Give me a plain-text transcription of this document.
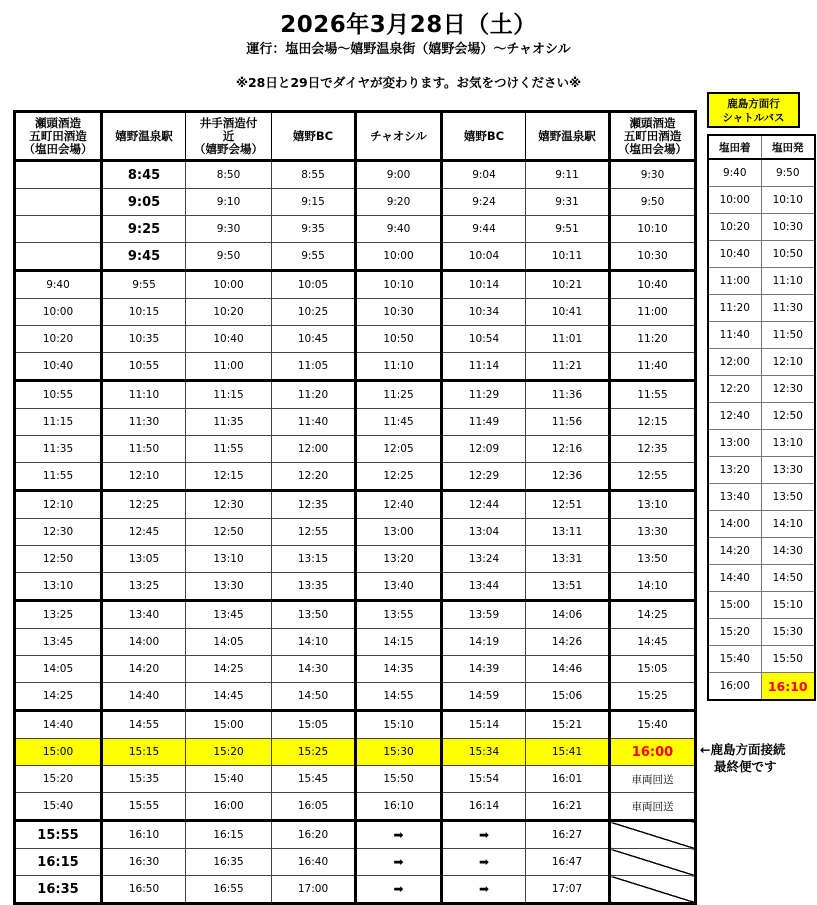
2026年3月28日（土）
運行：塩田会場～嬉野温泉街（嬉野会場）～チャオシル
※28日と29日でダイヤが変わります。お気をつけください※
瀬頭酒造
五町田酒造
（塩田会場）	嬉野温泉駅	井手酒造付
近
（嬉野会場）	嬉野BC	チャオシル	嬉野BC	嬉野温泉駅	瀬頭酒造
五町田酒造
（塩田会場）
	8:45	8:50	8:55	9:00	9:04	9:11	9:30
	9:05	9:10	9:15	9:20	9:24	9:31	9:50
	9:25	9:30	9:35	9:40	9:44	9:51	10:10
	9:45	9:50	9:55	10:00	10:04	10:11	10:30
9:40	9:55	10:00	10:05	10:10	10:14	10:21	10:40
10:00	10:15	10:20	10:25	10:30	10:34	10:41	11:00
10:20	10:35	10:40	10:45	10:50	10:54	11:01	11:20
10:40	10:55	11:00	11:05	11:10	11:14	11:21	11:40
10:55	11:10	11:15	11:20	11:25	11:29	11:36	11:55
11:15	11:30	11:35	11:40	11:45	11:49	11:56	12:15
11:35	11:50	11:55	12:00	12:05	12:09	12:16	12:35
11:55	12:10	12:15	12:20	12:25	12:29	12:36	12:55
12:10	12:25	12:30	12:35	12:40	12:44	12:51	13:10
12:30	12:45	12:50	12:55	13:00	13:04	13:11	13:30
12:50	13:05	13:10	13:15	13:20	13:24	13:31	13:50
13:10	13:25	13:30	13:35	13:40	13:44	13:51	14:10
13:25	13:40	13:45	13:50	13:55	13:59	14:06	14:25
13:45	14:00	14:05	14:10	14:15	14:19	14:26	14:45
14:05	14:20	14:25	14:30	14:35	14:39	14:46	15:05
14:25	14:40	14:45	14:50	14:55	14:59	15:06	15:25
14:40	14:55	15:00	15:05	15:10	15:14	15:21	15:40
15:00	15:15	15:20	15:25	15:30	15:34	15:41	16:00
15:20	15:35	15:40	15:45	15:50	15:54	16:01	車両回送
15:40	15:55	16:00	16:05	16:10	16:14	16:21	車両回送
15:55	16:10	16:15	16:20	➡	➡	16:27	
16:15	16:30	16:35	16:40	➡	➡	16:47	
16:35	16:50	16:55	17:00	➡	➡	17:07	
鹿島方面行
シャトルバス
塩田着	塩田発
9:40	9:50
10:00	10:10
10:20	10:30
10:40	10:50
11:00	11:10
11:20	11:30
11:40	11:50
12:00	12:10
12:20	12:30
12:40	12:50
13:00	13:10
13:20	13:30
13:40	13:50
14:00	14:10
14:20	14:30
14:40	14:50
15:00	15:10
15:20	15:30
15:40	15:50
16:00	16:10
←鹿島方面接続
最終便です
